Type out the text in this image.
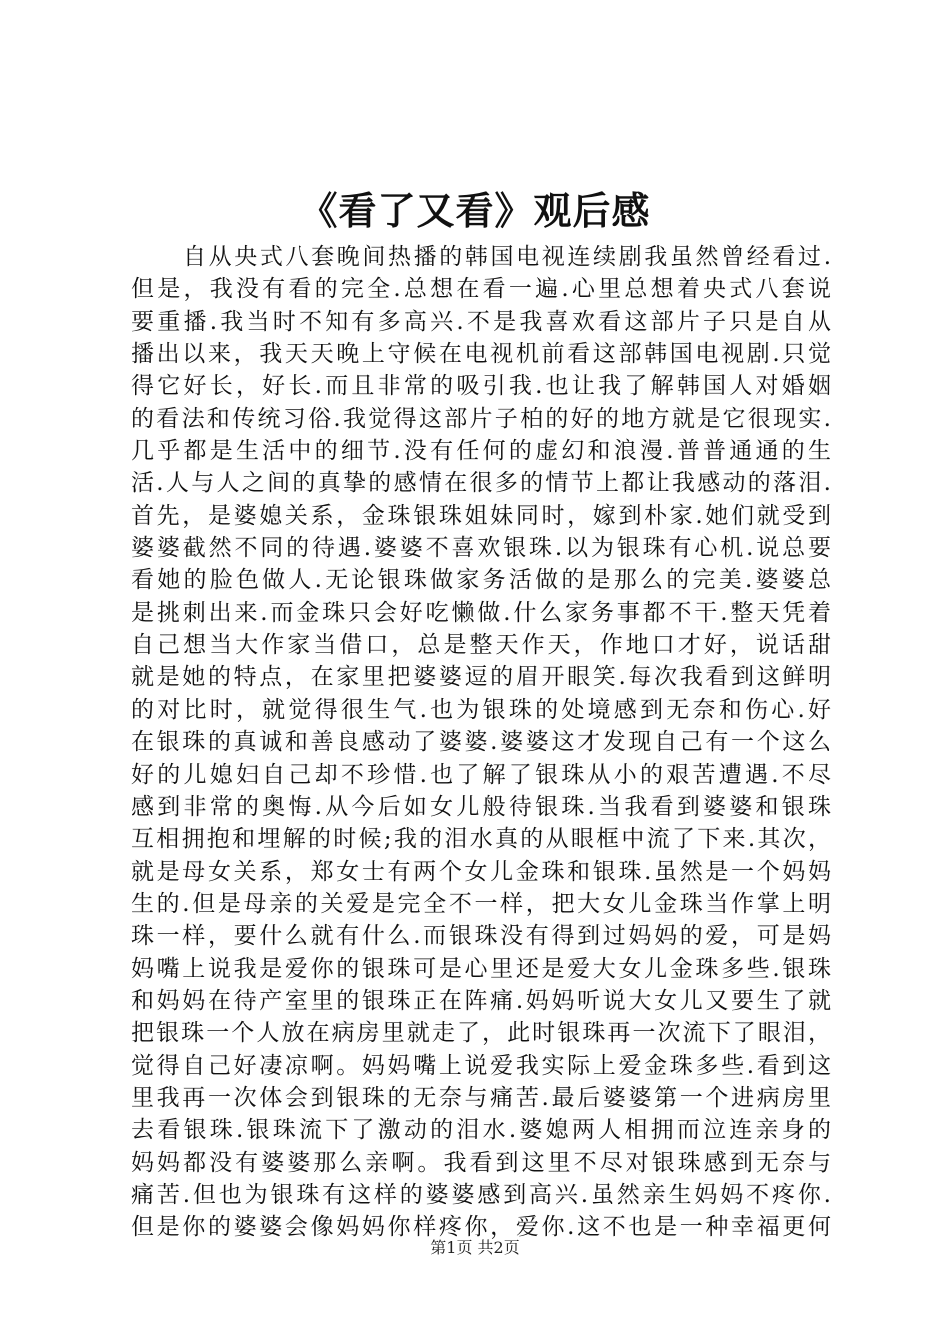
《看了又看》观后感
自从央式八套晚间热播的韩国电视连续剧我虽然曾经看过.
但是，我没有看的完全.总想在看一遍.心里总想着央式八套说
要重播.我当时不知有多高兴.不是我喜欢看这部片子只是自从
播出以来，我天天晚上守候在电视机前看这部韩国电视剧.只觉
得它好长，好长.而且非常的吸引我.也让我了解韩国人对婚姻
的看法和传统习俗.我觉得这部片子柏的好的地方就是它很现实.
几乎都是生活中的细节.没有任何的虚幻和浪漫.普普通通的生
活.人与人之间的真挚的感情在很多的情节上都让我感动的落泪.
首先，是婆媳关系，金珠银珠姐妹同时，嫁到朴家.她们就受到
婆婆截然不同的待遇.婆婆不喜欢银珠.以为银珠有心机.说总要
看她的脸色做人.无论银珠做家务活做的是那么的完美.婆婆总
是挑刺出来.而金珠只会好吃懒做.什么家务事都不干.整天凭着
自己想当大作家当借口，总是整天作天，作地口才好，说话甜
就是她的特点，在家里把婆婆逗的眉开眼笑.每次我看到这鲜明
的对比时，就觉得很生气.也为银珠的处境感到无奈和伤心.好
在银珠的真诚和善良感动了婆婆.婆婆这才发现自己有一个这么
好的儿媳妇自己却不珍惜.也了解了银珠从小的艰苦遭遇.不尽
感到非常的奥悔.从今后如女儿般待银珠.当我看到婆婆和银珠
互相拥抱和埋解的时候;我的泪水真的从眼框中流了下来.其次，
就是母女关系，郑女士有两个女儿金珠和银珠.虽然是一个妈妈
生的.但是母亲的关爱是完全不一样，把大女儿金珠当作掌上明
珠一样，要什么就有什么.而银珠没有得到过妈妈的爱，可是妈
妈嘴上说我是爱你的银珠可是心里还是爱大女儿金珠多些.银珠
和妈妈在待产室里的银珠正在阵痛.妈妈听说大女儿又要生了就
把银珠一个人放在病房里就走了，此时银珠再一次流下了眼泪，
觉得自己好凄凉啊。妈妈嘴上说爱我实际上爱金珠多些.看到这
里我再一次体会到银珠的无奈与痛苦.最后婆婆第一个进病房里
去看银珠.银珠流下了激动的泪水.婆媳两人相拥而泣连亲身的
妈妈都没有婆婆那么亲啊。我看到这里不尽对银珠感到无奈与
痛苦.但也为银珠有这样的婆婆感到高兴.虽然亲生妈妈不疼你.
但是你的婆婆会像妈妈你样疼你，爱你.这不也是一种幸福更何
第1页 共2页
